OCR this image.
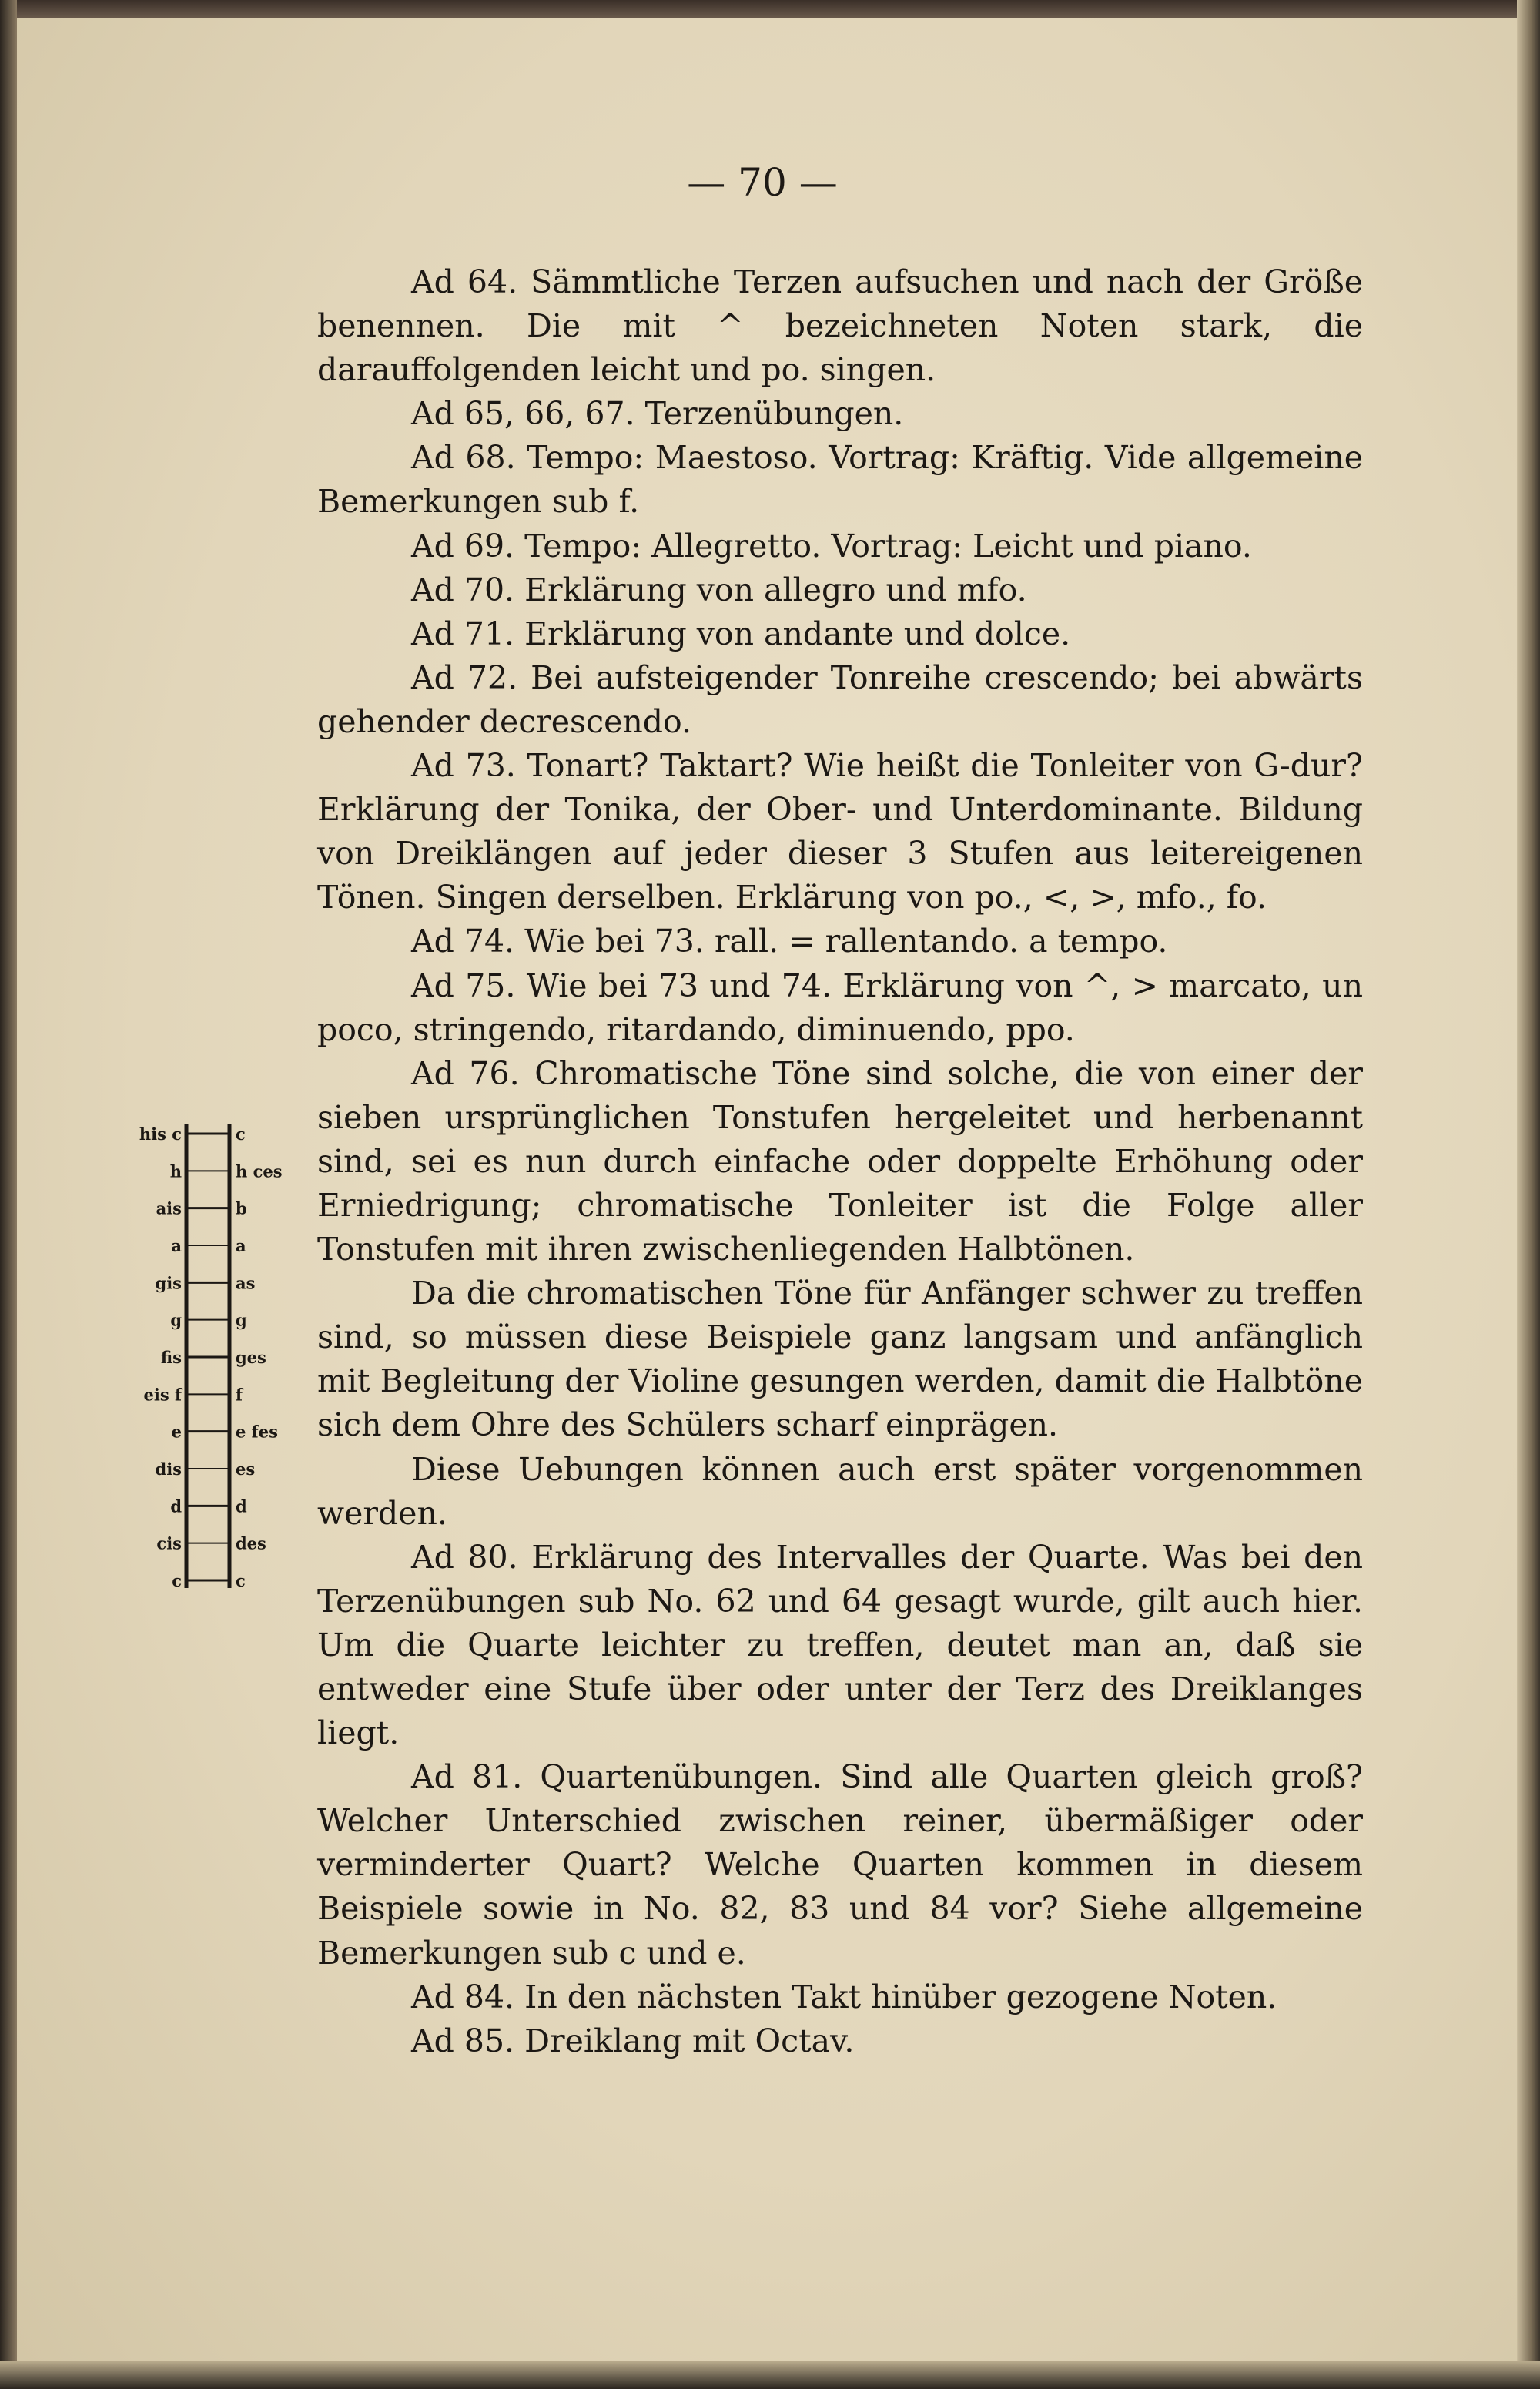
— 70 —

Ad 64. Sämmtliche Terzen aufsuchen und nach der Größe benennen. Die mit ^ bezeichneten Noten stark, die darauffolgenden leicht und po. singen.

Ad 65, 66, 67. Terzenübungen.

Ad 68. Tempo: Maestoso. Vortrag: Kräftig. Vide allgemeine Bemerkungen sub f.

Ad 69. Tempo: Allegretto. Vortrag: Leicht und piano.

Ad 70. Erklärung von allegro und mfo.

Ad 71. Erklärung von andante und dolce.

Ad 72. Bei aufsteigender Tonreihe crescendo; bei abwärts gehender decrescendo.

Ad 73. Tonart? Taktart? Wie heißt die Tonleiter von G-dur? Erklärung der Tonika, der Ober- und Unterdominante. Bildung von Dreiklängen auf jeder dieser 3 Stufen aus leitereigenen Tönen. Singen derselben. Erklärung von po., <, >, mfo., fo.

Ad 74. Wie bei 73. rall. = rallentando. a tempo.

Ad 75. Wie bei 73 und 74. Erklärung von ^, > marcato, un poco, stringendo, ritardando, diminuendo, ppo.

Ad 76. Chromatische Töne sind solche, die von einer der sieben ursprünglichen Tonstufen hergeleitet und herbenannt sind, sei es nun durch einfache oder doppelte Erhöhung oder Erniedrigung; chromatische Tonleiter ist die Folge aller Tonstufen mit ihren zwischenliegenden Halbtönen.

Da die chromatischen Töne für Anfänger schwer zu treffen sind, so müssen diese Beispiele ganz langsam und anfänglich mit Begleitung der Violine gesungen werden, damit die Halbtöne sich dem Ohre des Schülers scharf einprägen.

Diese Uebungen können auch erst später vorgenommen werden.

Ad 80. Erklärung des Intervalles der Quarte. Was bei den Terzenübungen sub No. 62 und 64 gesagt wurde, gilt auch hier. Um die Quarte leichter zu treffen, deutet man an, daß sie entweder eine Stufe über oder unter der Terz des Dreiklanges liegt.

Ad 81. Quartenübungen. Sind alle Quarten gleich groß? Welcher Unterschied zwischen reiner, übermäßiger oder verminderter Quart? Welche Quarten kommen in diesem Beispiele sowie in No. 82, 83 und 84 vor? Siehe allgemeine Bemerkungen sub c und e.

Ad 84. In den nächsten Takt hinüber gezogene Noten.

Ad 85. Dreiklang mit Octav.

his c
h
ais
a
gis
g
fis
eis f
e
dis
d
cis
c
c
h ces
b
a
as
g
ges
f
e fes
es
d
des
c
